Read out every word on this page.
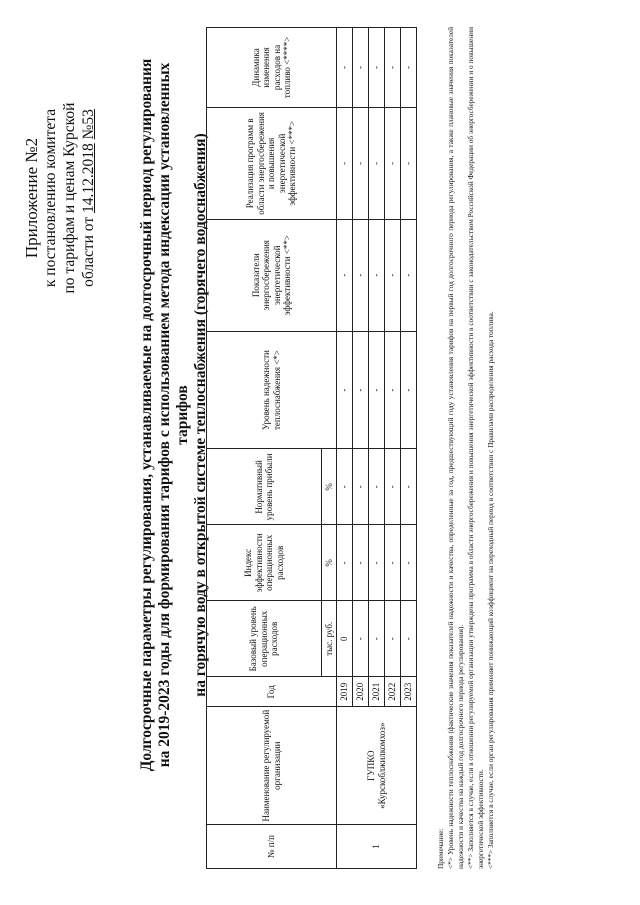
Приложение №2 к постановлению комитета по тарифам и ценам Курской области от 14.12.2018 №53	Долгосрочные параметры регулирования, устанавливаемые на долгосрочный период регулирования на 2019-2023 годы для формирования тарифов с использованием метода индексации установленных тарифов на горячую воду в открытой системе теплоснабжения (горячего водоснабжения)
№ п/п	Наименование регулируемой организации	Год	Базовый уровень операционных расходов	Индекс эффективности операционных расходов	Нормативный уровень прибыли	Уровень надежности теплоснабжения <*>	Показатели энергосбережения энергетической эффективности <**>	Реализация программ в области энергосбережения и повышения энергетической эффективности <***>	Динамика изменения расходов на топливо <****>
			тыс. руб.	%	%				
1	ГУПКО «Курскоблжилкомхоз»	2019	0	-	-	-	-	-	-
		2020	-	-	-	-	-	-	-
		2021	-	-	-	-	-	-	-
		2022	-	-	-	-	-	-	-
		2023	-	-	-	-	-	-	-

Примечание: <*> Уровень надежности теплоснабжения (фактические значения показателей надежности и качества, определенные за год, предшествующий году установления тарифов на первый год долгосрочного периода регулирования, а также плановые значения показателей надежности и качества на каждый год долгосрочного периода регулирования). <**> Заполняется в случае, если в отношении регулируемой организации утверждена программа в области энергосбережения и повышения энергетической эффективности в соответствии с законодательством Российской Федерации об энергосбережении и о повышении энергетической эффективности. <***> Заполняется в случае, если орган регулирования применяет понижающий коэффициент на переходный период в соответствии с Правилами распределения расхода топлива.
